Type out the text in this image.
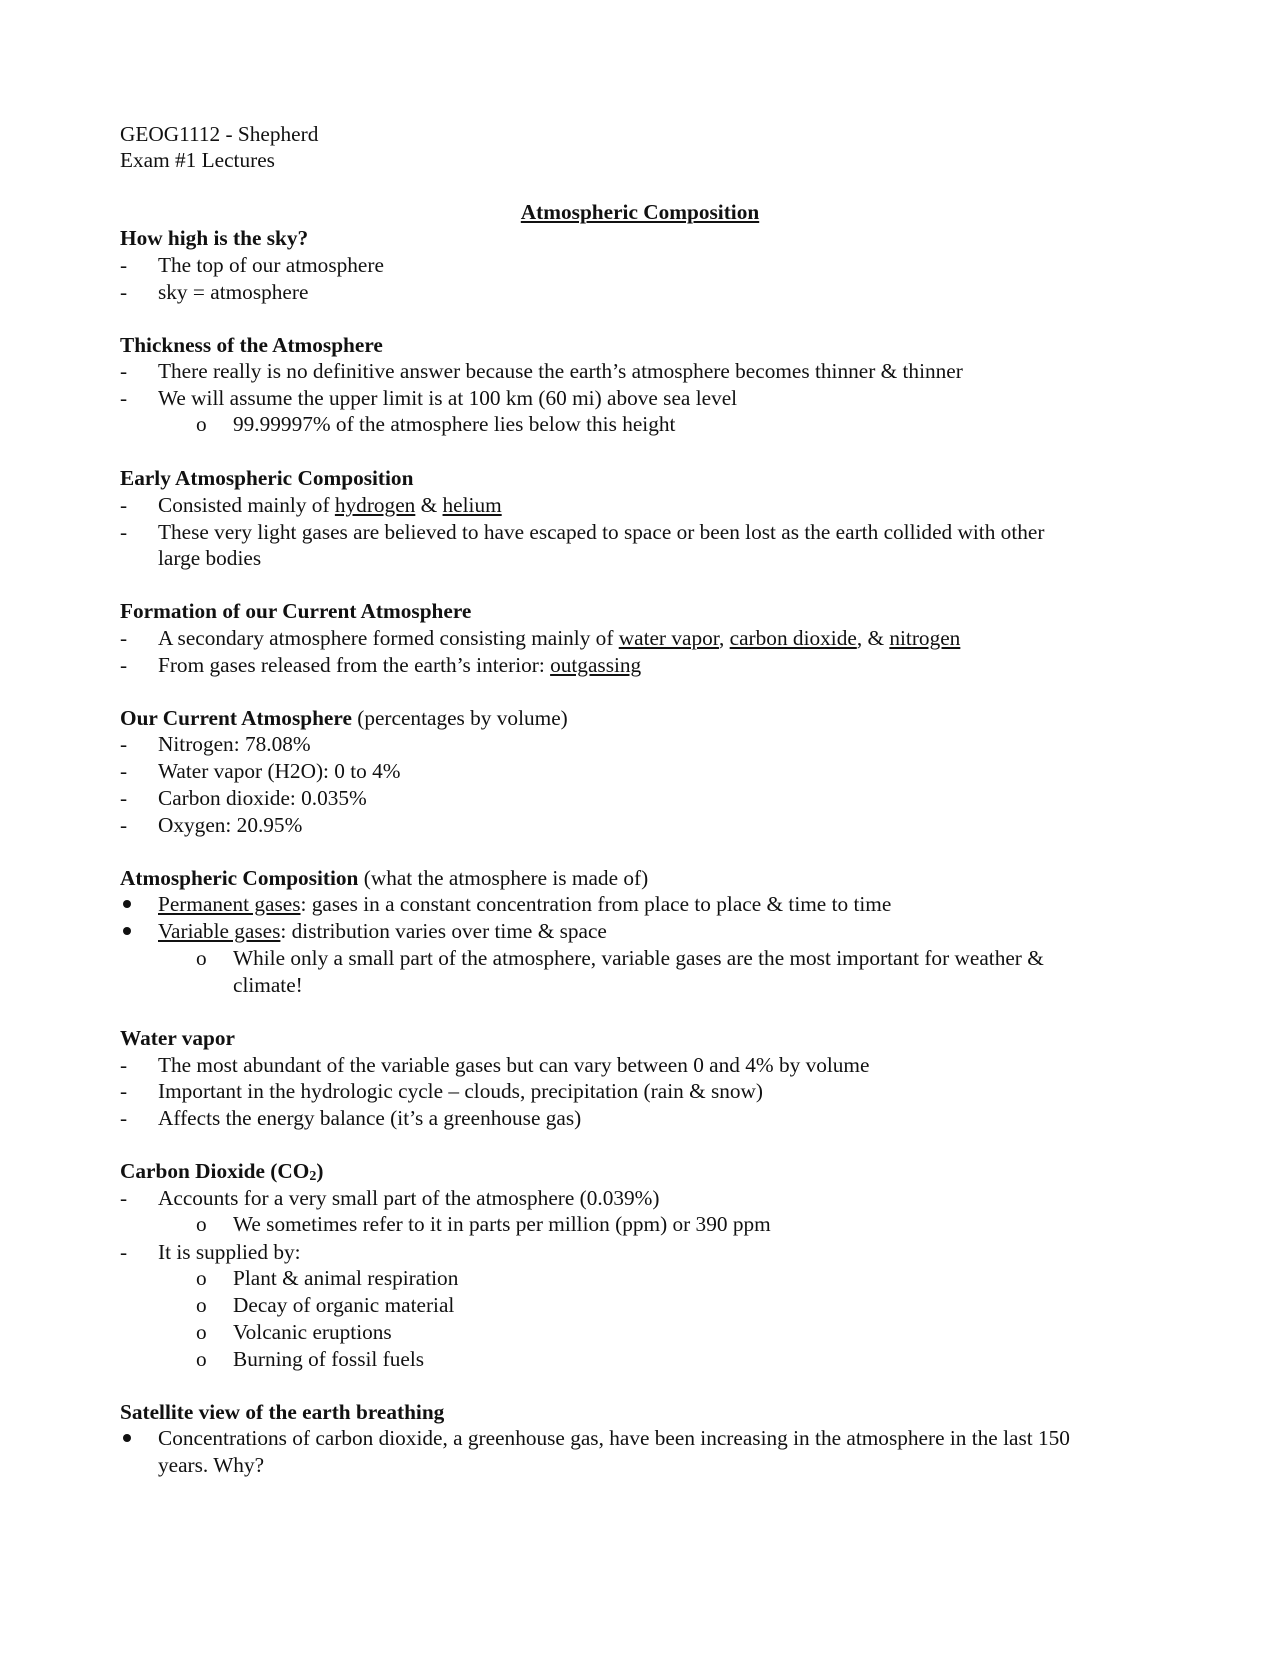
GEOG1112 - Shepherd
Exam #1 Lectures
Atmospheric Composition
How high is the sky?
- The top of our atmosphere
- sky = atmosphere
Thickness of the Atmosphere
- There really is no definitive answer because the earth’s atmosphere becomes thinner & thinner
- We will assume the upper limit is at 100 km (60 mi) above sea level
o 99.99997% of the atmosphere lies below this height
Early Atmospheric Composition
- Consisted mainly of hydrogen & helium
- These very light gases are believed to have escaped to space or been lost as the earth collided with other
large bodies
Formation of our Current Atmosphere
- A secondary atmosphere formed consisting mainly of water vapor, carbon dioxide, & nitrogen
- From gases released from the earth’s interior: outgassing
Our Current Atmosphere (percentages by volume)
- Nitrogen: 78.08%
- Water vapor (H2O): 0 to 4%
- Carbon dioxide: 0.035%
- Oxygen: 20.95%
Atmospheric Composition (what the atmosphere is made of)
Permanent gases: gases in a constant concentration from place to place & time to time
Variable gases: distribution varies over time & space
o While only a small part of the atmosphere, variable gases are the most important for weather &
climate!
Water vapor
- The most abundant of the variable gases but can vary between 0 and 4% by volume
- Important in the hydrologic cycle – clouds, precipitation (rain & snow)
- Affects the energy balance (it’s a greenhouse gas)
Carbon Dioxide $(CO_2)$
- Accounts for a very small part of the atmosphere (0.039%)
o We sometimes refer to it in parts per million (ppm) or 390 ppm
- It is supplied by:
o Plant & animal respiration
o Decay of organic material
o Volcanic eruptions
o Burning of fossil fuels
Satellite view of the earth breathing
Concentrations of carbon dioxide, a greenhouse gas, have been increasing in the atmosphere in the last 150
years. Why?
